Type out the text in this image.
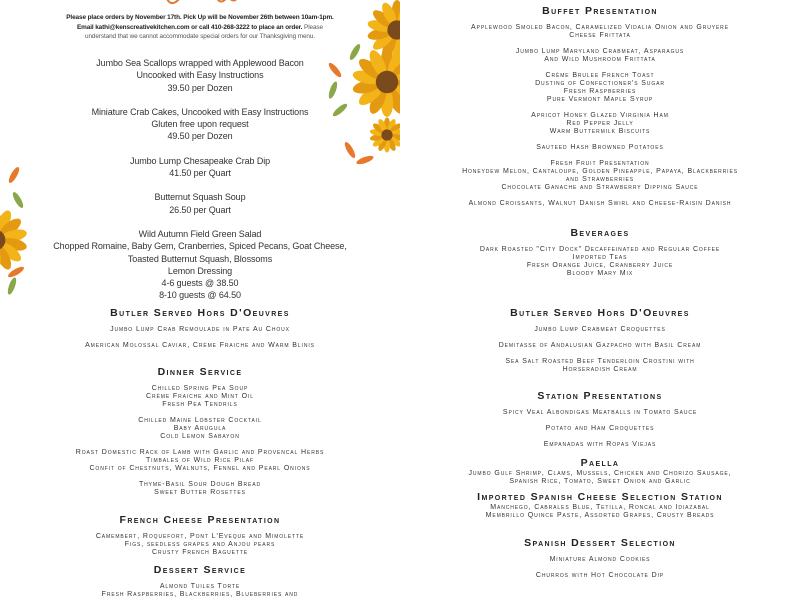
Please place orders by November 17th. Pick Up will be November 26th between 10am-1pm.
Email kathi@kenscreativekitchen.com or call 410-268-3222 to place an order. Please
understand that we cannot accommodate special orders for our Thanksgiving menu.
Jumbo Sea Scallops wrapped with Applewood Bacon
Uncooked with Easy Instructions
39.50 per Dozen
Miniature Crab Cakes, Uncooked with Easy Instructions
Gluten free upon request
49.50 per Dozen
Jumbo Lump Chesapeake Crab Dip
41.50 per Quart
Butternut Squash Soup
26.50 per Quart
Wild Autumn Field Green Salad
Chopped Romaine, Baby Gem, Cranberries, Spiced Pecans, Goat Cheese,
Toasted Butternut Squash, Blossoms
Lemon Dressing
4-6 guests @ 38.50
8-10 guests @ 64.50
Butler Served Hors D'Oeuvres
Jumbo Lump Crab Remoulade in Pate Au Choux
American Molossal Caviar, Crème Fraiche and Warm Blinis
Dinner Service
Chilled Spring Pea Soup
Crème Fraiche and Mint Oil
Fresh Pea Tendrils
Chilled Maine Lobster Cocktail
Baby Arugula
Cold Lemon Sabayon
Roast Domestic Rack of Lamb with Garlic and Provencal Herbs
Timbales of Wild Rice Pilaf
Confit of Chestnuts, Walnuts, Fennel and Pearl Onions
Thyme-Basil Sour Dough Bread
Sweet Butter Rosettes
French Cheese Presentation
Camembert, Roquefort, Pont L'Eveque and Mimolette
Figs, seedless grapes and Anjou pears
Crusty French Baguette
Dessert Service
Almond Tuiles Torte
Fresh Raspberries, Blackberries, Blueberries and
Buffet Presentation
Applewood Smoled Bacon, Caramelized Vidalia Onion and Gruyere
Cheese Frittata
Jumbo Lump Maryland Crabmeat, Asparagus
And Wild Mushroom Frittata
Crème Brulee French Toast
Dusting of Confectioner's Sugar
Fresh Raspberries
Pure Vermont Maple Syrup
Apricot Honey Glazed Virginia Ham
Red Pepper Jelly
Warm Buttermilk Biscuits
Sauteed Hash Browned Potatoes
Fresh Fruit Presentation
Honeydew Melon, Cantaloupe, Golden Pineapple, Papaya, Blackberries
and Strawberries
Chocolate Ganache and Strawberry Dipping Sauce
Almond Croissants, Walnut Danish Swirl and Cheese-Raisin Danish
Beverages
Dark Roasted "City Dock" Decaffeinated and Regular Coffee
Imported Teas
Fresh Orange Juice, Cranberry Juice
Bloody Mary Mix
Butler Served Hors D'Oeuvres
Jumbo Lump Crabmeat Croquettes
Demitasse of Andalusian Gazpacho with Basil Cream
Sea Salt Roasted Beef Tenderloin Crostini with
Horseradish Cream
Station Presentations
Spicy Veal Albondigas Meatballs in Tomato Sauce
Potato and Ham Croquettes
Empanadas with Ropas Viejas
Paella
Jumbo Gulf Shrimp, Clams, Mussels, Chicken and Chorizo Sausage,
Spanish Rice, Tomato, Sweet Onion and Garlic
Imported Spanish Cheese Selection Station
Manchego, Cabrales Blue, Tetilla, Roncal and Idiazabal
Membrillo Quince Paste, Assorted Grapes, Crusty Breads
Spanish Dessert Selection
Miniature Almond Cookies
Churros with Hot Chocolate Dip
